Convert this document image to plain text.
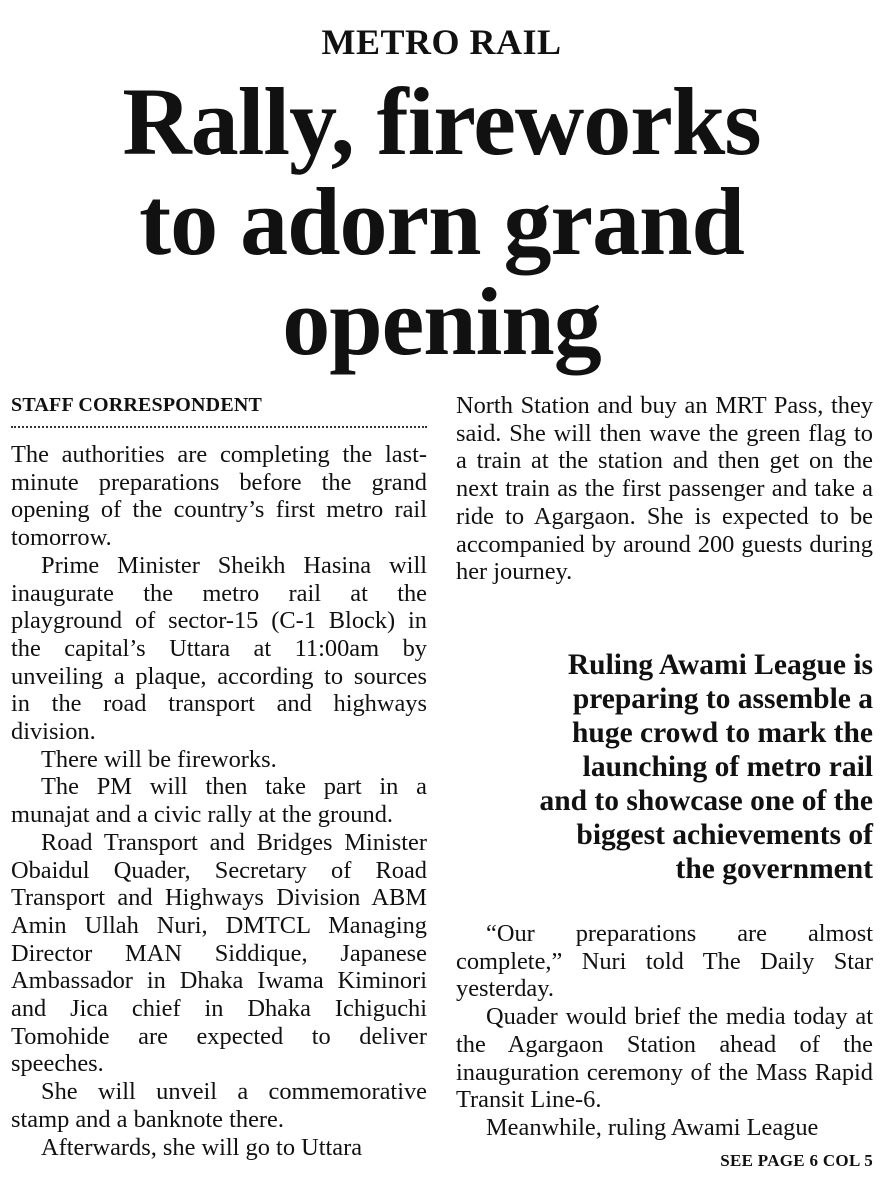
METRO RAIL
Rally, fireworks
to adorn grand
opening
STAFF CORRESPONDENT

The authorities are completing the last-minute preparations before the grand opening of the country’s first metro rail tomorrow.

Prime Minister Sheikh Hasina will inaugurate the metro rail at the playground of sector-15 (C-1 Block) in the capital’s Uttara at 11:00am by unveiling a plaque, according to sources in the road transport and highways division.

There will be fireworks.

The PM will then take part in a munajat and a civic rally at the ground.

Road Transport and Bridges Minister Obaidul Quader, Secretary of Road Transport and Highways Division ABM Amin Ullah Nuri, DMTCL Managing Director MAN Siddique, Japanese Ambassador in Dhaka Iwama Kiminori and Jica chief in Dhaka Ichiguchi Tomohide are expected to deliver speeches.

She will unveil a commemorative stamp and a banknote there.

Afterwards, she will go to Uttara

North Station and buy an MRT Pass, they said. She will then wave the green flag to a train at the station and then get on the next train as the first passenger and take a ride to Agargaon. She is expected to be accompanied by around 200 guests during her journey.

Ruling Awami League is
preparing to assemble a
huge crowd to mark the
launching of metro rail
and to showcase one of the
biggest achievements of
the government

“Our preparations are almost complete,” Nuri told The Daily Star yesterday.

Quader would brief the media today at the Agargaon Station ahead of the inauguration ceremony of the Mass Rapid Transit Line-6.

Meanwhile, ruling Awami League

SEE PAGE 6 COL 5
